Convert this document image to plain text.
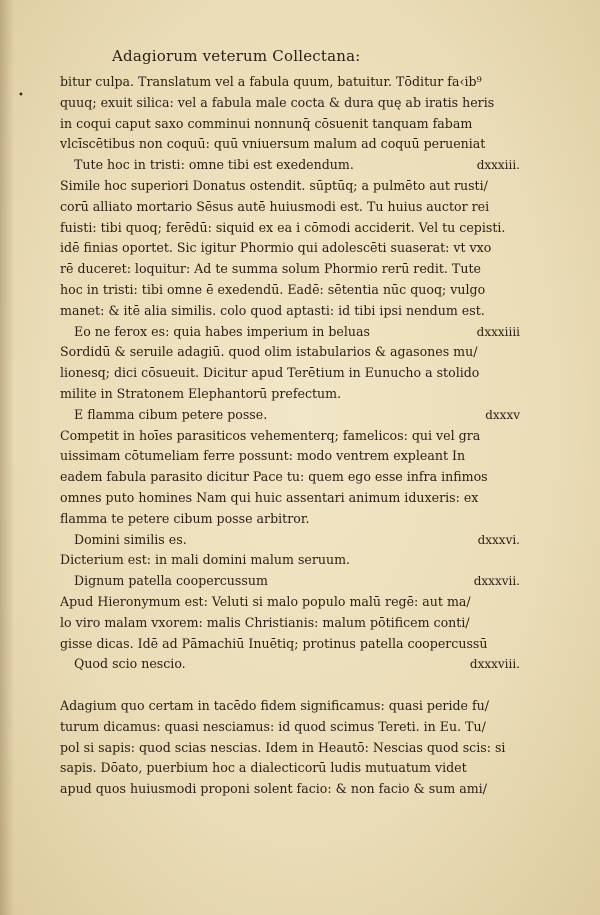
Adagiorum veterum Collectana:
•
bitur culpa. Translatum vel a fabula quum, batuitur. Tōditur fa‹ib⁹
quuq; exuit silica: vel a fabula male cocta & dura quę ab iratis heris
in coqui caput saxo comminui nonnunq̄ cōsuenit tanquam fabam
vlcīscētibus non coquū: quū vniuersum malum ad coquū perueniat
Tute hoc in tristi: omne tibi est exedendum.	dxxxiii.
Simile hoc superiori Donatus ostendit. sūptūq; a pulmēto aut rusti/
corū alliato mortario Sēsus autē huiusmodi est. Tu huius auctor rei
fuisti: tibi quoq; ferēdū: siquid ex ea i cōmodi acciderit. Vel tu cepisti.
idē finias oportet. Sic igitur Phormio qui adolescēti suaserat: vt vxo
rē duceret: loquitur: Ad te summa solum Phormio rerū redit. Tute
hoc in tristi: tibi omne ē exedendū. Eadē: sētentia nūc quoq; vulgo
manet: & itē alia similis. colo quod aptasti: id tibi ipsi nendum est.
Eo ne ferox es: quia habes imperium in beluas	dxxxiiii
Sordidū & seruile adagiū. quod olim istabularios & agasones mu/
lionesq; dici cōsueuit. Dicitur apud Terētium in Eunucho a stolido
milite in Stratonem Elephantorū prefectum.
E flamma cibum petere posse.	dxxxv
Competit in hoīes parasiticos vehementerq; famelicos: qui vel gra
uissimam cōtumeliam ferre possunt: modo ventrem expleant In
eadem fabula parasito dicitur Pace tu: quem ego esse infra infimos
omnes puto homines Nam qui huic assentari animum iduxeris: ex
flamma te petere cibum posse arbitror.
Domini similis es.	dxxxvi.
Dicterium est: in mali domini malum seruum.
Dignum patella coopercussum	dxxxvii.
Apud Hieronymum est: Veluti si malo populo malū regē: aut ma/
lo viro malam vxorem: malis Christianis: malum pōtificem conti/
gisse dicas. Idē ad Pāmachiū Inuētiq; protinus patella coopercussū
Quod scio nescio.	dxxxviii.
Adagium quo certam in tacēdo fidem significamus: quasi peride fu/
turum dicamus: quasi nesciamus: id quod scimus Tereti. in Eu. Tu/
pol si sapis: quod scias nescias. Idem in Heautō: Nescias quod scis: si
sapis. Dōato, puerbium hoc a dialecticorū ludis mutuatum videt
apud quos huiusmodi proponi solent facio: & non facio & sum ami/
